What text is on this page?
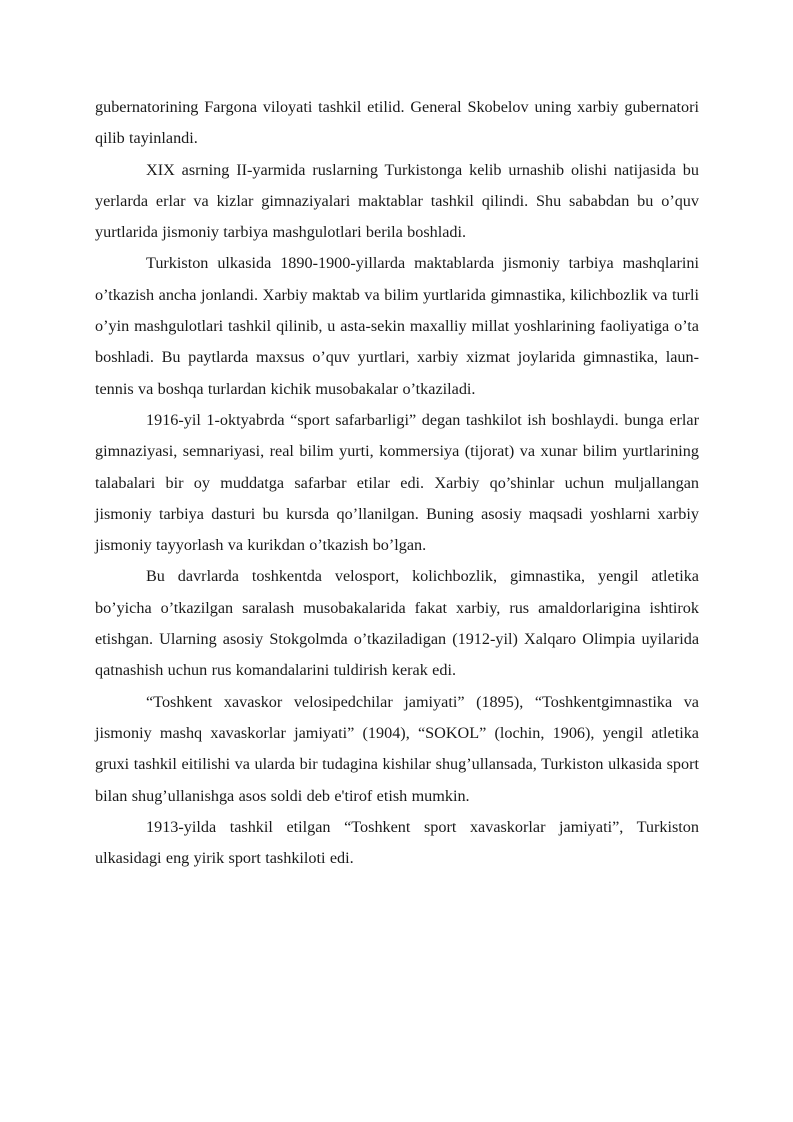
gubernatorining Fargona viloyati tashkil etilid. General Skobelov uning xarbiy gubernatori qilib tayinlandi.

XIX asrning II-yarmida ruslarning Turkistonga kelib urnashib olishi natijasida bu yerlarda erlar va kizlar gimnaziyalari maktablar tashkil qilindi. Shu sababdan bu o’quv yurtlarida jismoniy tarbiya mashgulotlari berila boshladi.

Turkiston ulkasida 1890-1900-yillarda maktablarda jismoniy tarbiya mashqlarini o’tkazish ancha jonlandi. Xarbiy maktab va bilim yurtlarida gimnastika, kilichbozlik va turli o’yin mashgulotlari tashkil qilinib, u asta-sekin maxalliy millat yoshlarining faoliyatiga o’ta boshladi. Bu paytlarda maxsus o’quv yurtlari, xarbiy xizmat joylarida gimnastika, laun-tennis va boshqa turlardan kichik musobakalar o’tkaziladi.

1916-yil 1-oktyabrda “sport safarbarligi” degan tashkilot ish boshlaydi. bunga erlar gimnaziyasi, semnariyasi, real bilim yurti, kommersiya (tijorat) va xunar bilim yurtlarining talabalari bir oy muddatga safarbar etilar edi. Xarbiy qo’shinlar uchun muljallangan jismoniy tarbiya dasturi bu kursda qo’llanilgan. Buning asosiy maqsadi yoshlarni xarbiy jismoniy tayyorlash va kurikdan o’tkazish bo’lgan.

Bu davrlarda toshkentda velosport, kolichbozlik, gimnastika, yengil atletika bo’yicha o’tkazilgan saralash musobakalarida fakat xarbiy, rus amaldorlarigina ishtirok etishgan. Ularning asosiy Stokgolmda o’tkaziladigan (1912-yil) Xalqaro Olimpia uyilarida qatnashish uchun rus komandalarini tuldirish kerak edi.

“Toshkent xavaskor velosipedchilar jamiyati” (1895), “Toshkentgimnastika va jismoniy mashq xavaskorlar jamiyati” (1904), “SOKOL” (lochin, 1906), yengil atletika gruxi tashkil eitilishi va ularda bir tudagina kishilar shug’ullansada, Turkiston ulkasida sport bilan shug’ullanishga asos soldi deb e'tirof etish mumkin.

1913-yilda tashkil etilgan “Toshkent sport xavaskorlar jamiyati”, Turkiston ulkasidagi eng yirik sport tashkiloti edi.
